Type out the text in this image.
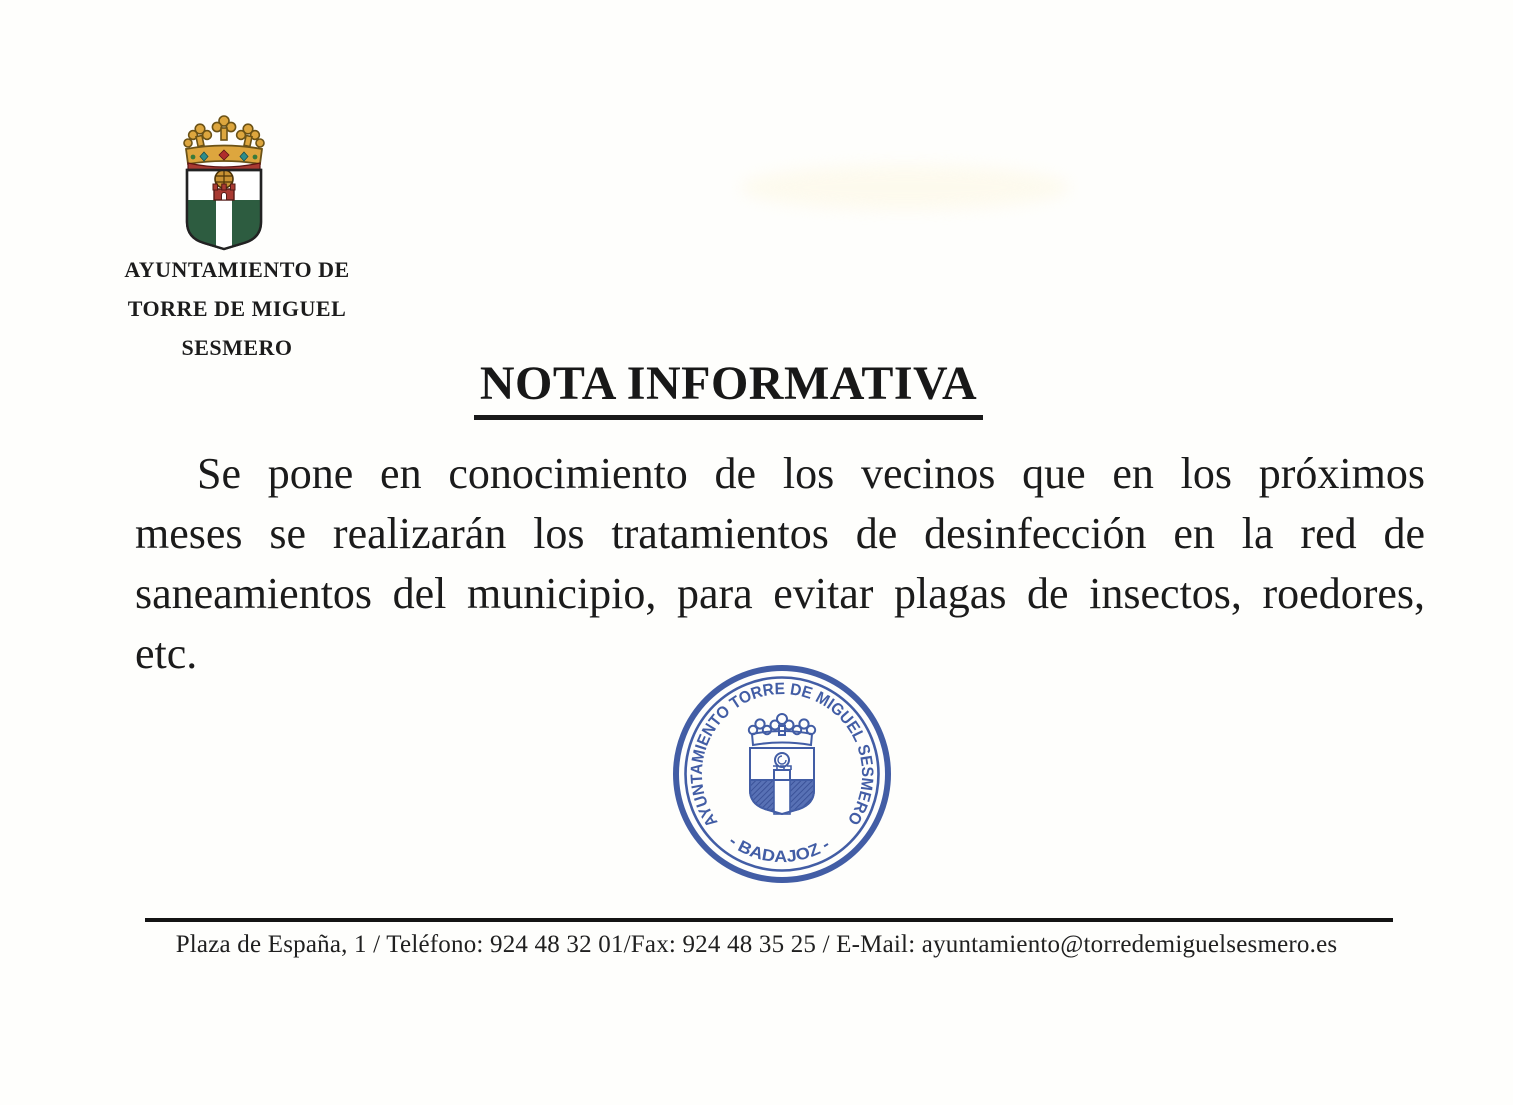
AYUNTAMIENTO DE
TORRE DE MIGUEL
SESMERO
NOTA INFORMATIVA
Se pone en conocimiento de los vecinos que en los próximos
meses se realizarán los tratamientos de desinfección en la red de
saneamientos del municipio, para evitar plagas de insectos, roedores,
etc.
AYUNTAMIENTO TORRE DE MIGUEL SESMERO
- BADAJOZ -
Plaza de España, 1 / Teléfono: 924 48 32 01/Fax: 924 48 35 25 / E-Mail: ayuntamiento@torredemiguelsesmero.es
